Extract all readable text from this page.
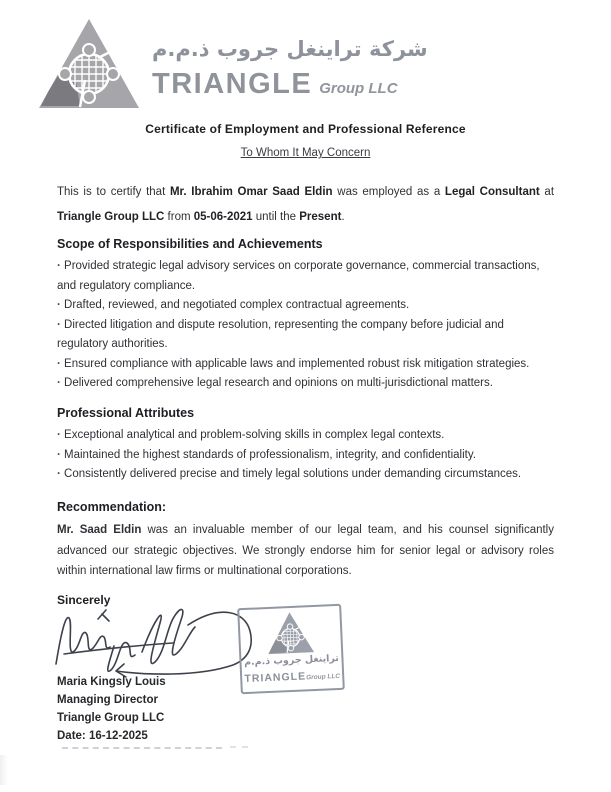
شركة تراينغل جروب ذ.م.م
TRIANGLE Group LLC
Certificate of Employment and Professional Reference
To Whom It May Concern

This is to certify that Mr. Ibrahim Omar Saad Eldin was employed as a Legal Consultant at Triangle Group LLC from 05-06-2021 until the Present.

Scope of Responsibilities and Achievements
· Provided strategic legal advisory services on corporate governance, commercial transactions, and regulatory compliance.
· Drafted, reviewed, and negotiated complex contractual agreements.
· Directed litigation and dispute resolution, representing the company before judicial and regulatory authorities.
· Ensured compliance with applicable laws and implemented robust risk mitigation strategies.
· Delivered comprehensive legal research and opinions on multi-jurisdictional matters.
Professional Attributes
· Exceptional analytical and problem-solving skills in complex legal contexts.
· Maintained the highest standards of professionalism, integrity, and confidentiality.
· Consistently delivered precise and timely legal solutions under demanding circumstances.
Recommendation:

Mr. Saad Eldin was an invaluable member of our legal team, and his counsel significantly advanced our strategic objectives. We strongly endorse him for senior legal or advisory roles within international law firms or multinational corporations.

Sincerely
تراينغل جروب ذ.م.م
TRIANGLEGroup LLC
Maria Kingsly Louis
Managing Director
Triangle Group LLC
Date: 16-12-2025
